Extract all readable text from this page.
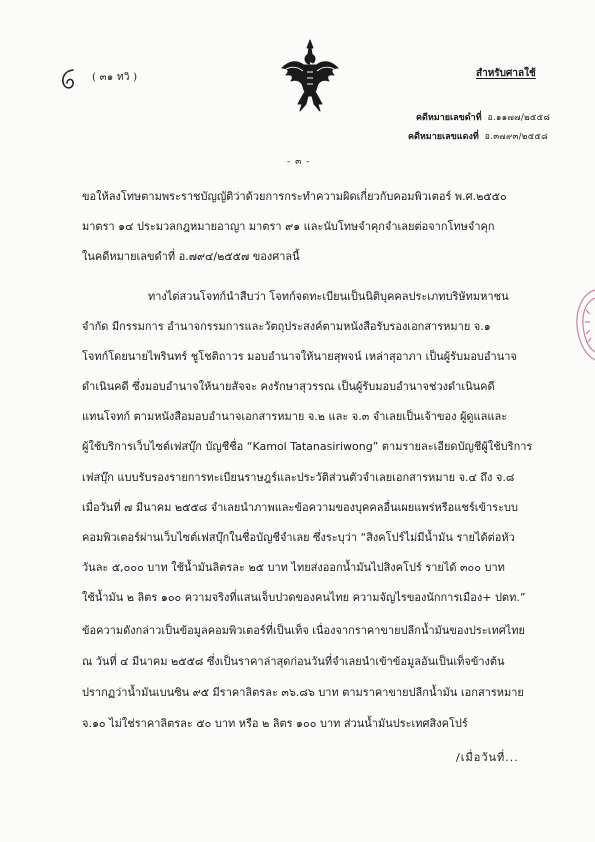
( ๓๑ ทวิ )	สำหรับศาลใช้
คดีหมายเลขดำที่ อ.๑๑๗๗/๒๕๕๘
คดีหมายเลขแดงที่ อ.๓๗๙๓/๒๕๕๘
- ๓ -
ขอให้ลงโทษตามพระราชบัญญัติว่าด้วยการกระทำความผิดเกี่ยวกับคอมพิวเตอร์ พ.ศ.๒๕๕๐
มาตรา ๑๔ ประมวลกฎหมายอาญา มาตรา ๙๑ และนับโทษจำคุกจำเลยต่อจากโทษจำคุก
ในคดีหมายเลขดำที่ อ.๗๙๔/๒๕๕๗ ของศาลนี้
ทางไต่สวนโจทก์นำสืบว่า โจทก์จดทะเบียนเป็นนิติบุคคลประเภทบริษัทมหาชน
จำกัด มีกรรมการ อำนาจกรรมการและวัตถุประสงค์ตามหนังสือรับรองเอกสารหมาย จ.๑
โจทก์โดยนายไพรินทร์ ชูโชติถาวร มอบอำนาจให้นายสุพจน์ เหล่าสุอาภา เป็นผู้รับมอบอำนาจ
ดำเนินคดี ซึ่งมอบอำนาจให้นายสัจจะ คงรักษาสุวรรณ เป็นผู้รับมอบอำนาจช่วงดำเนินคดี
แทนโจทก์ ตามหนังสือมอบอำนาจเอกสารหมาย จ.๒ และ จ.๓ จำเลยเป็นเจ้าของ ผู้ดูแลและ
ผู้ใช้บริการเว็บไซต์เฟสบุ๊ก บัญชีชื่อ “Kamol Tatanasiriwong” ตามรายละเอียดบัญชีผู้ใช้บริการ
เฟสบุ๊ก แบบรับรองรายการทะเบียนราษฎร์และประวัติส่วนตัวจำเลยเอกสารหมาย จ.๔ ถึง จ.๘
เมื่อวันที่ ๗ มีนาคม ๒๕๕๘ จำเลยนำภาพและข้อความของบุคคลอื่นเผยแพร่หรือแชร์เข้าระบบ
คอมพิวเตอร์ผ่านเว็บไซต์เฟสบุ๊กในชื่อบัญชีจำเลย ซึ่งระบุว่า “สิงคโปร์ไม่มีน้ำมัน รายได้ต่อหัว
วันละ ๕,๐๐๐ บาท ใช้น้ำมันลิตรละ ๒๕ บาท ไทยส่งออกน้ำมันไปสิงคโปร์ รายได้ ๓๐๐ บาท
ใช้น้ำมัน ๒ ลิตร ๑๐๐ ความจริงที่แสนเจ็บปวดของคนไทย ความจัญไรของนักการเมือง+ ปตท.”
ข้อความดังกล่าวเป็นข้อมูลคอมพิวเตอร์ที่เป็นเท็จ เนื่องจากราคาขายปลีกน้ำมันของประเทศไทย
ณ วันที่ ๔ มีนาคม ๒๕๕๘ ซึ่งเป็นราคาล่าสุดก่อนวันที่จำเลยนำเข้าข้อมูลอันเป็นเท็จข้างต้น
ปรากฏว่าน้ำมันเบนซิน ๙๕ มีราคาลิตรละ ๓๖.๘๖ บาท ตามราคาขายปลีกน้ำมัน เอกสารหมาย
จ.๑๐ ไม่ใช่ราคาลิตรละ ๕๐ บาท หรือ ๒ ลิตร ๑๐๐ บาท ส่วนน้ำมันประเทศสิงคโปร์
/เมื่อวันที่...
